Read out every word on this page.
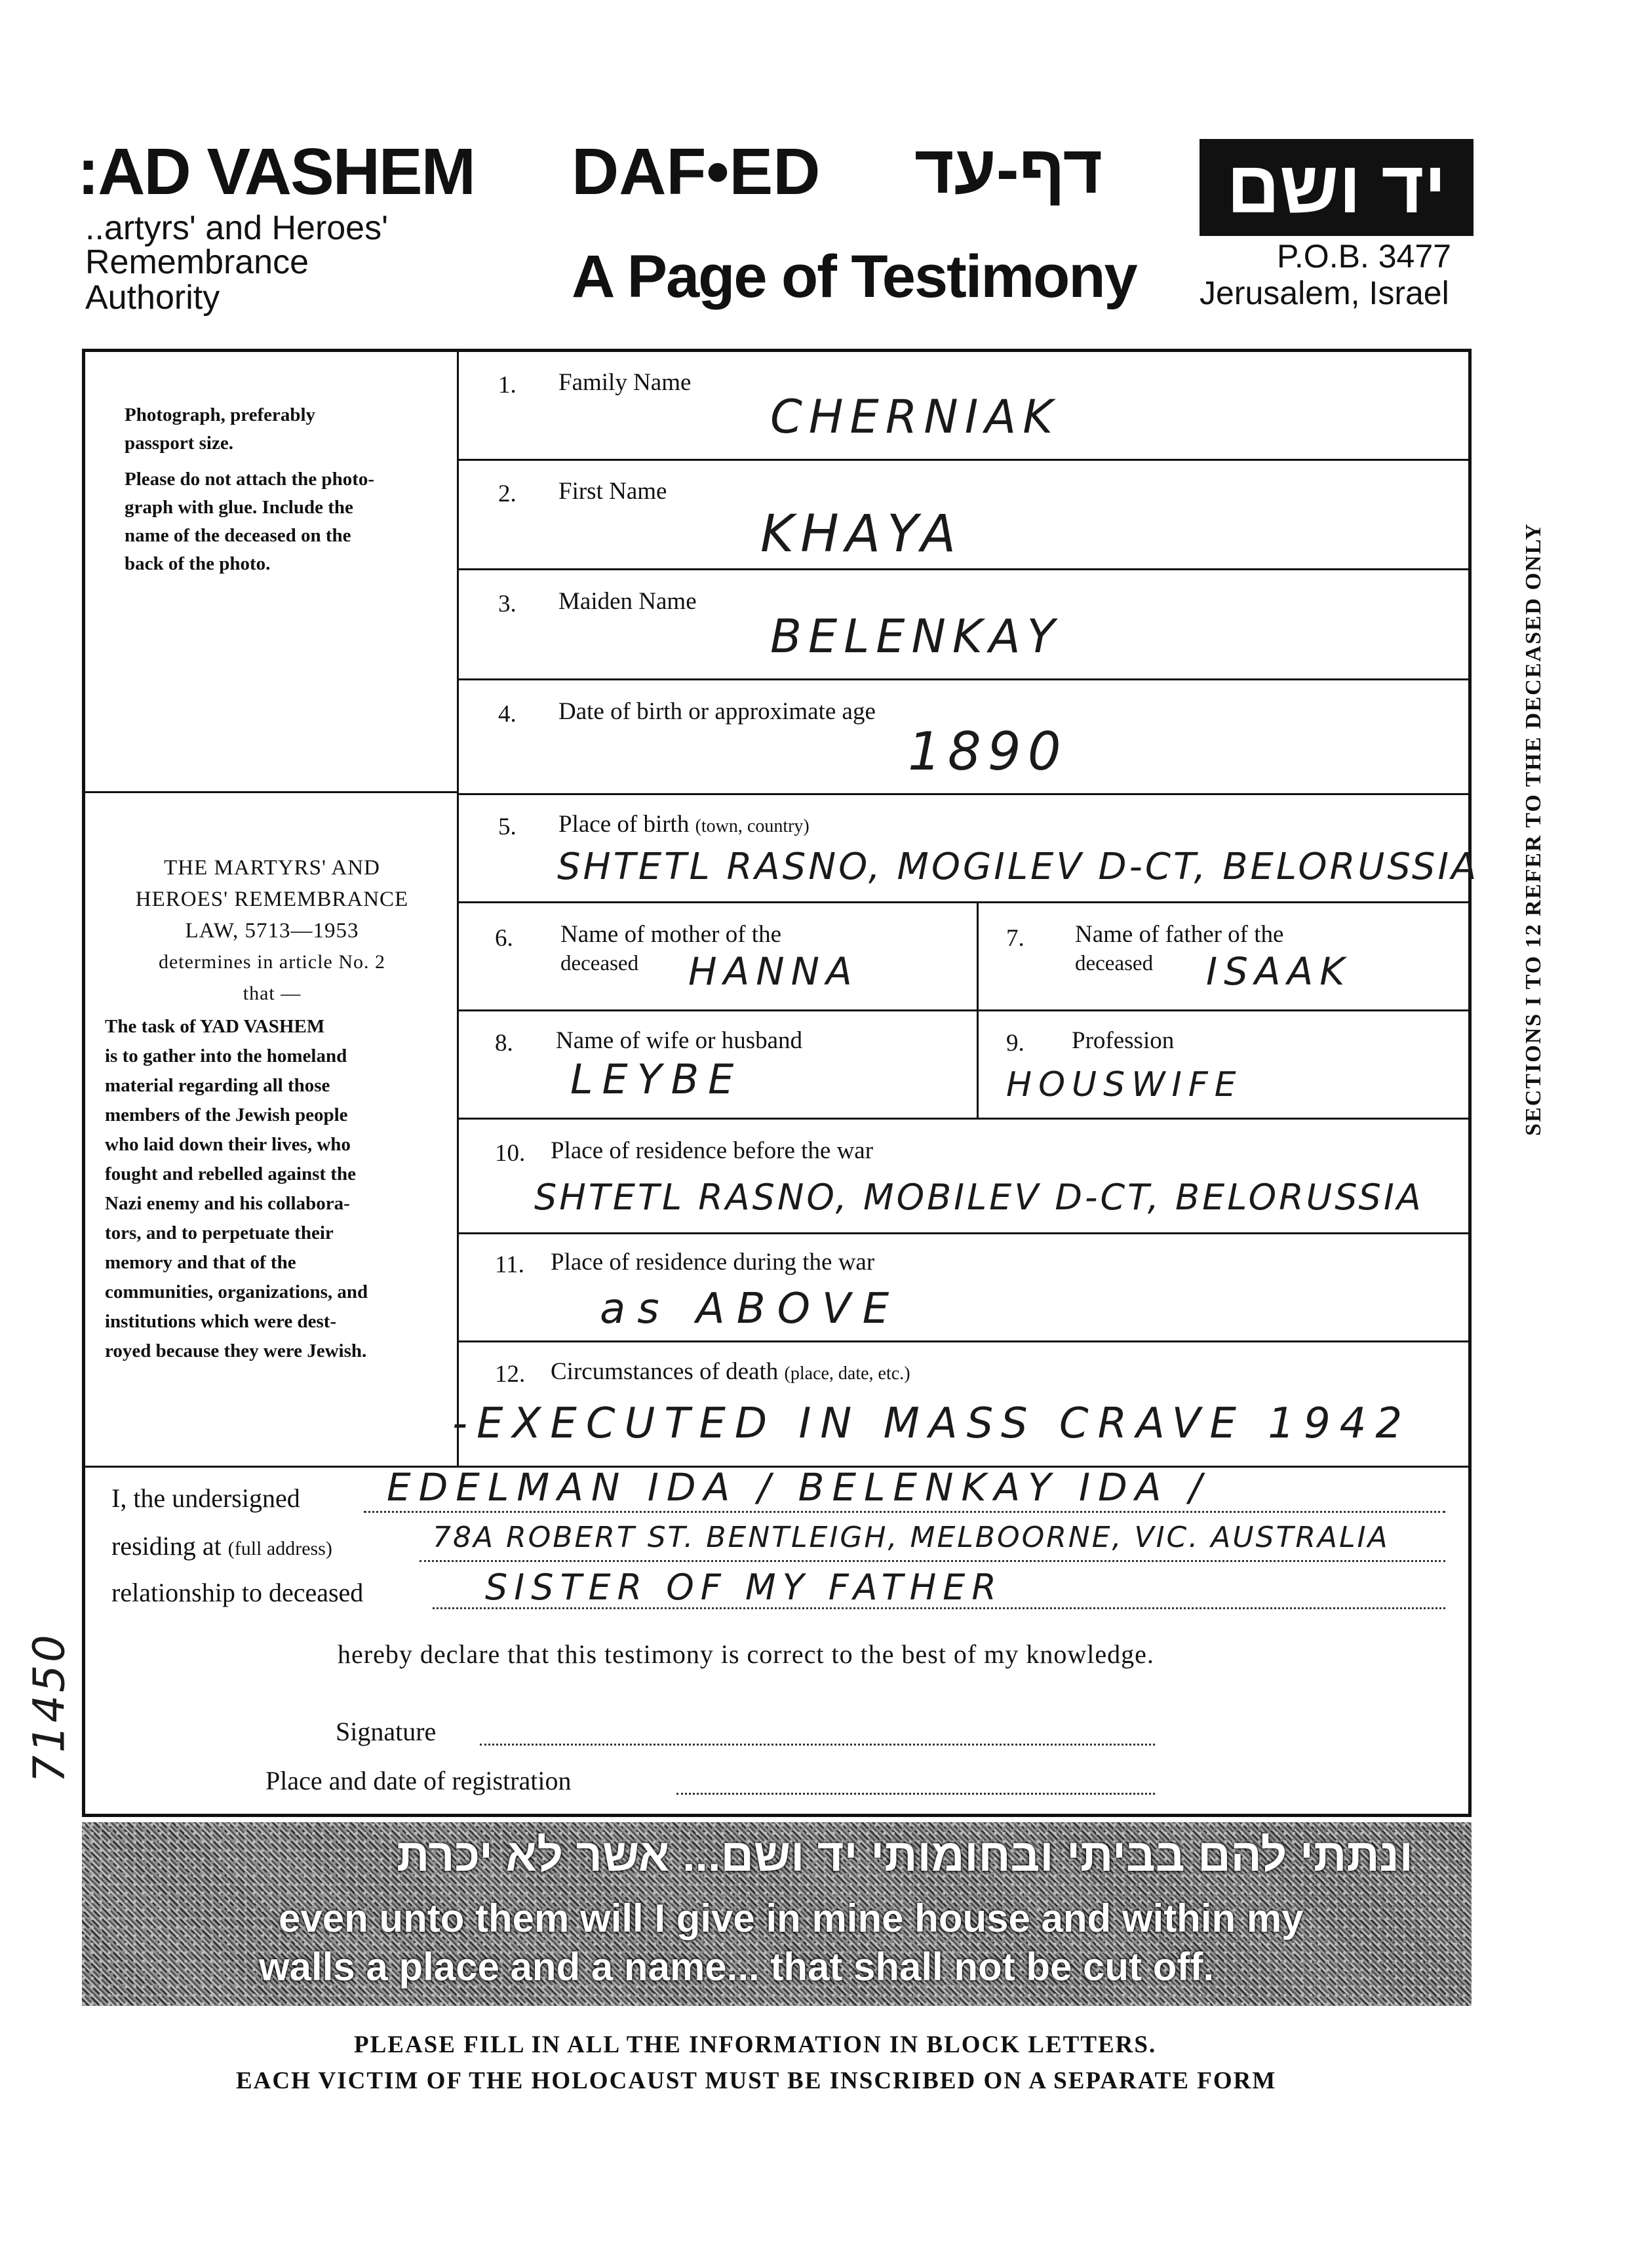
:AD VASHEM
..artyrs' and Heroes'
Remembrance
Authority
DAF•ED דף-עד
A Page of Testimony
יד ושם
P.O.B. 3477
Jerusalem, Israel
Photograph, preferably
passport size.
Please do not attach the photo-
graph with glue. Include the
name of the deceased on the
back of the photo.
THE MARTYRS' AND
HEROES' REMEMBRANCE
LAW, 5713—1953
determines in article No. 2
that —
The task of YAD VASHEM
is to gather into the homeland
material regarding all those
members of the Jewish people
who laid down their lives, who
fought and rebelled against the
Nazi enemy and his collabora-
tors, and to perpetuate their
memory and that of the
communities, organizations, and
institutions which were dest-
royed because they were Jewish.
1. Family Name
CHERNIAK
2. First Name
KHAYA
3. Maiden Name
BELENKAY
4. Date of birth or approximate age
1890
5. Place of birth (town, country)
SHTETL RASNO, MOGILEV D-CT, BELORUSSIA
6. Name of mother of the
deceased HANNA
7. Name of father of the
deceased ISAAK
8. Name of wife or husband
LEYBE
9. Profession
HOUSWIFE
10. Place of residence before the war
SHTETL RASNO, MOBILEV D-CT, BELORUSSIA
11. Place of residence during the war
as ABOVE
12. Circumstances of death (place, date, etc.)
-EXECUTED IN MASS CRAVE 1942
I, the undersigned EDELMAN IDA / BELENKAY IDA /
residing at (full address)	78A ROBERT ST. BENTLEIGH, MELBOORNE, VIC. AUSTRALIA
relationship to deceased	SISTER OF MY FATHER
hereby declare that this testimony is correct to the best of my knowledge.
Signature
Place and date of registration
SECTIONS I TO 12 REFER TO THE DECEASED ONLY
71450
ונתתי להם בביתי ובחומותי יד ושם... אשר לא יכרת
even unto them will I give in mine house and within my
walls a place and a name... that shall not be cut off.
PLEASE FILL IN ALL THE INFORMATION IN BLOCK LETTERS.
EACH VICTIM OF THE HOLOCAUST MUST BE INSCRIBED ON A SEPARATE FORM
